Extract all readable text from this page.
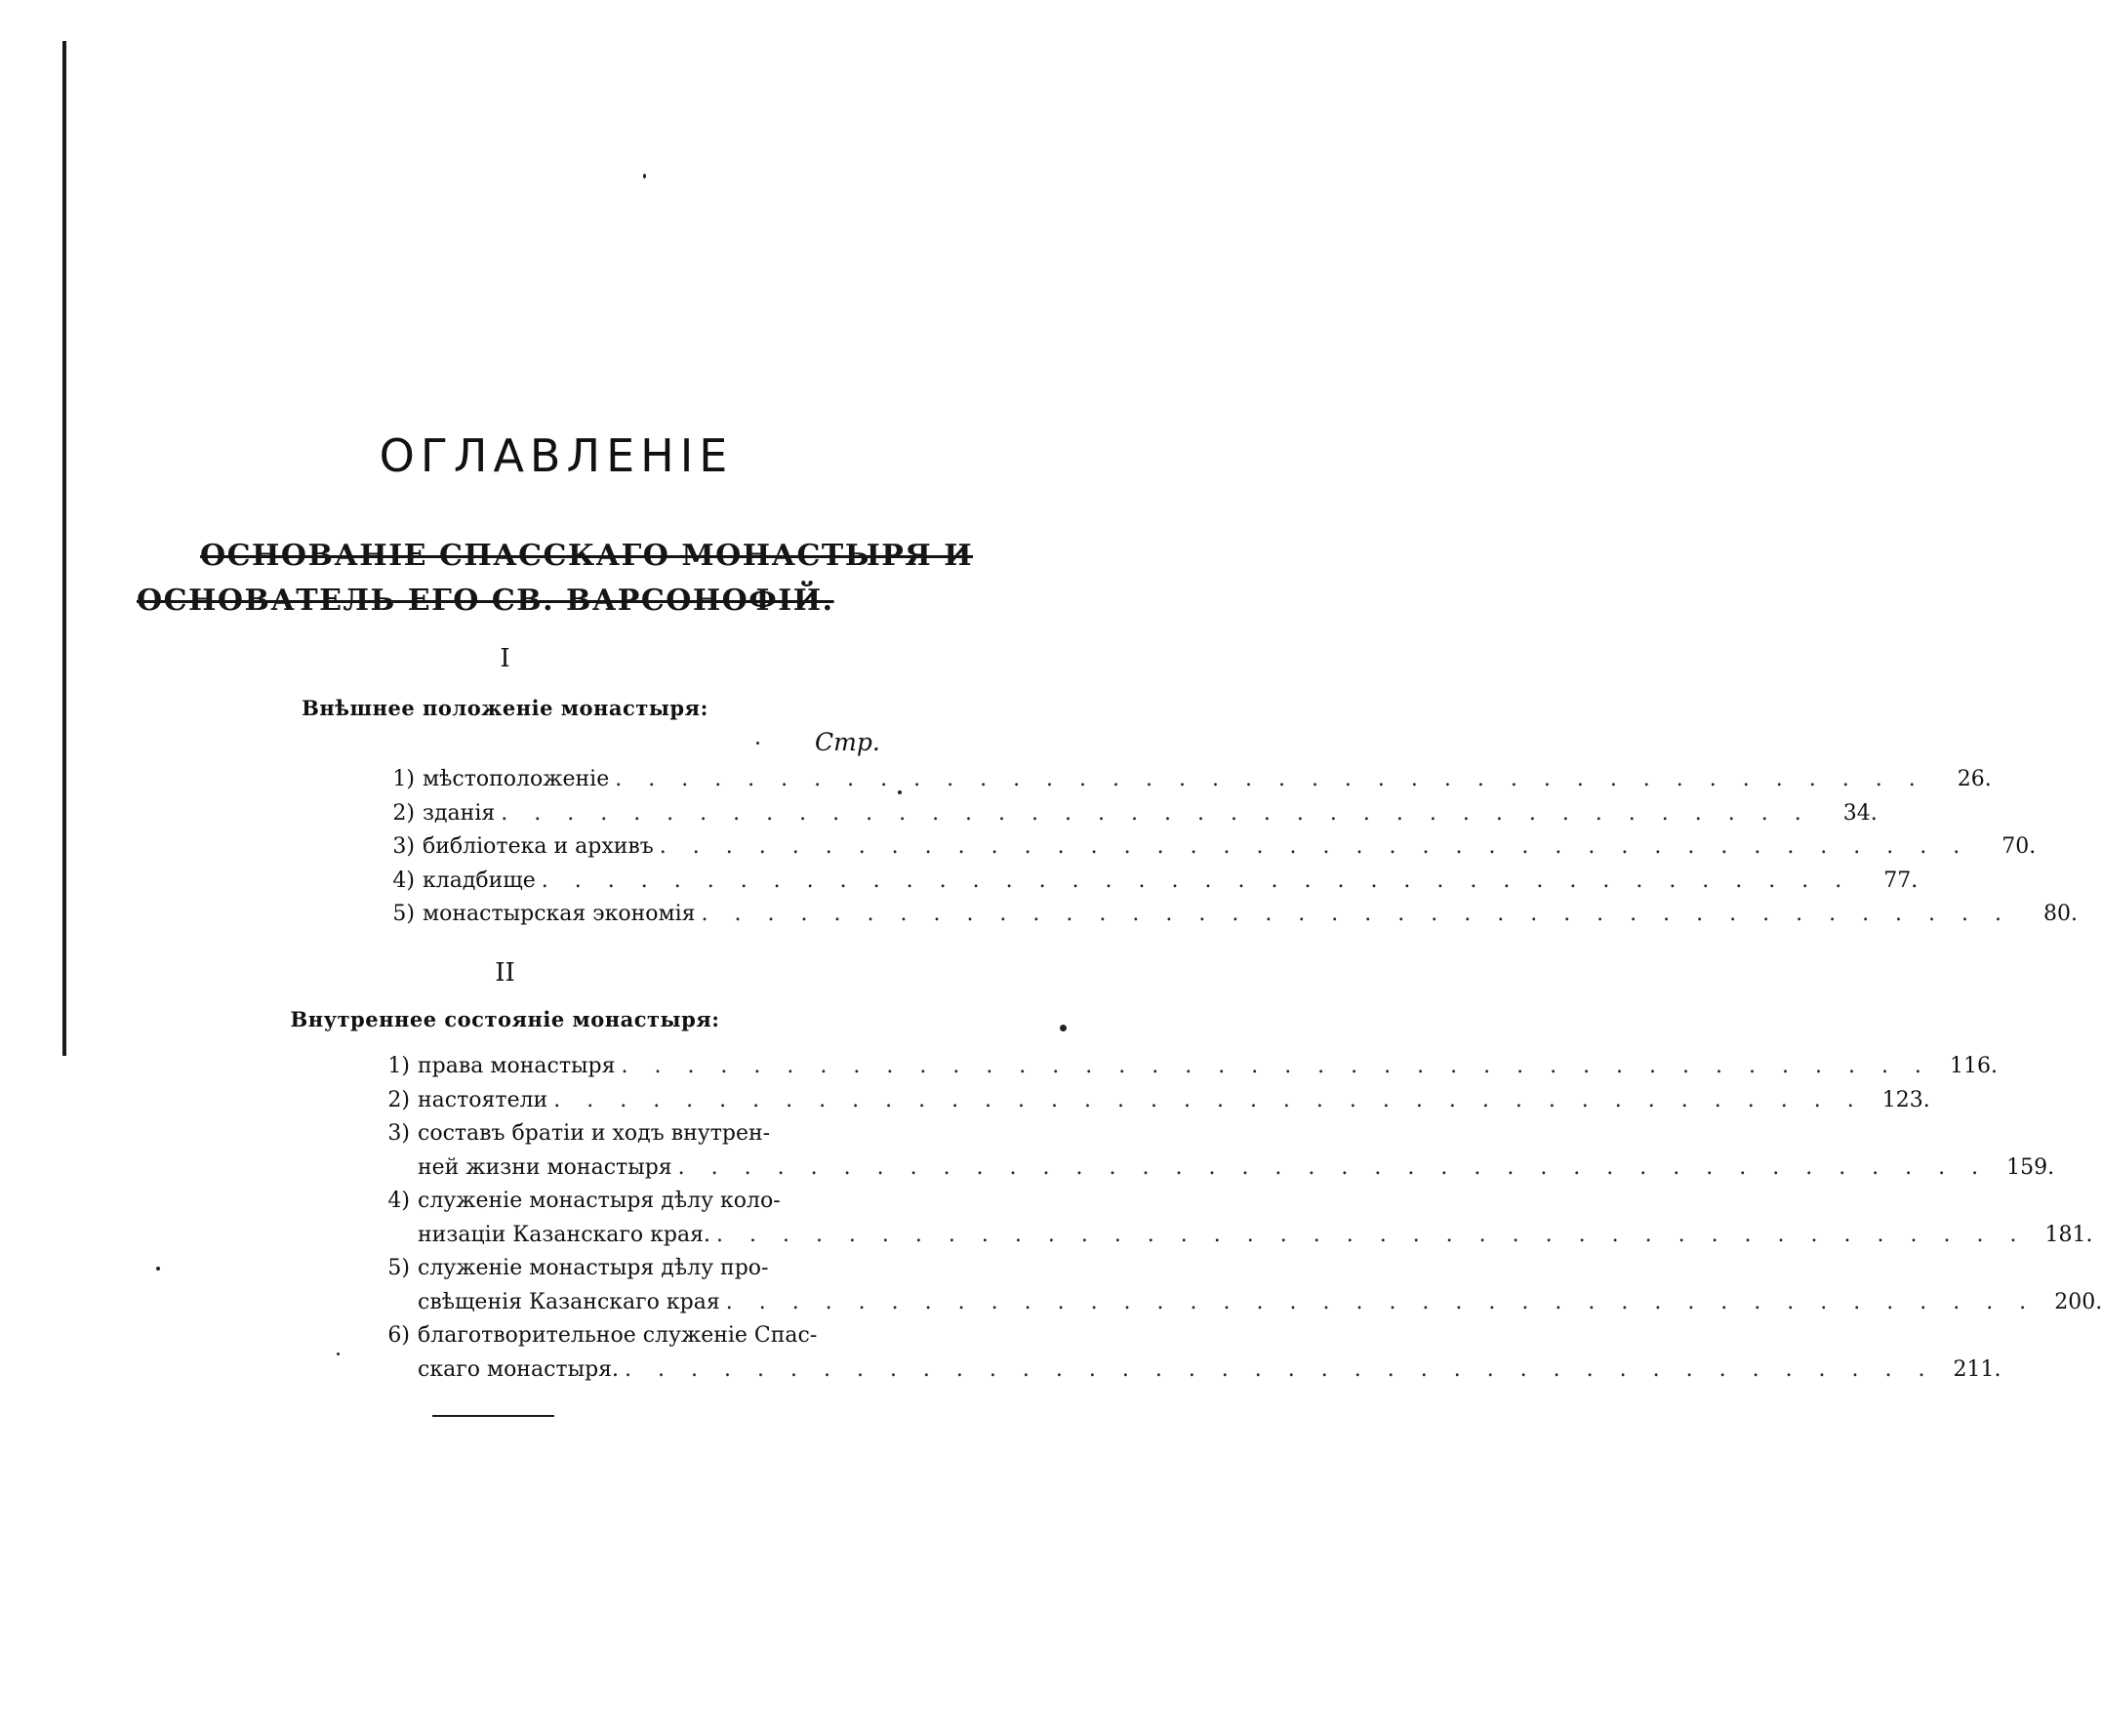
ОГЛАВЛЕНІЕ
ОСНОВАНІЕ СПАССКАГО МОНАСТЫРЯ И
ОСНОВАТЕЛЬ ЕГО СВ. ВАРСОНОФІЙ.
I
Внѣшнее положеніе монастыря:
Стр.
1) мѣстоположеніе . . .	26.
2) зданія . . .	34.
3) библіотека и архивъ . . .	70.
4) кладбище . . .	77.
5) монастырская экономія . . .	80.
II
Внутреннее состояніе монастыря:
1) права монастыря . . .	116.
2) настоятели . . .	123.
3) составъ братіи и ходъ внутрен-
ней жизни монастыря . . .	159.
4) служеніе монастыря дѣлу коло-
низаціи Казанскаго края. . . .	181.
5) служеніе монастыря дѣлу про-
свѣщенія Казанскаго края . . .	200.
6) благотворительное служеніе Спас-
скаго монастыря. . . .	211.
